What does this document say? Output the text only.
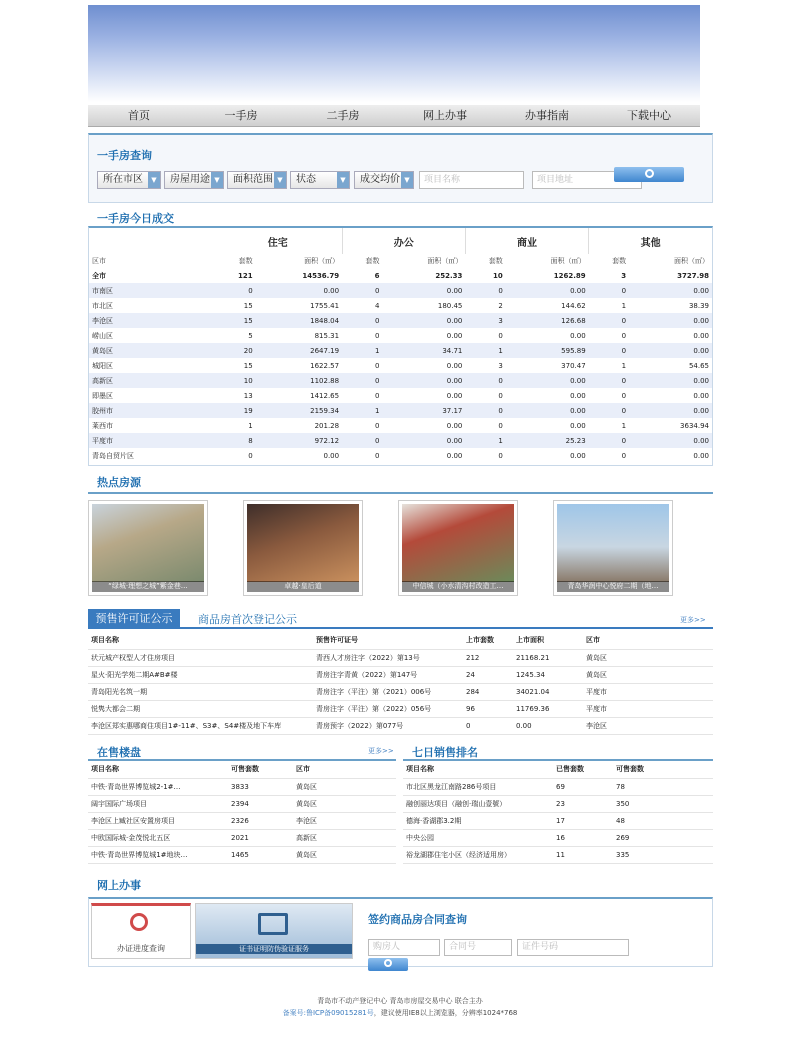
首页	一手房	二手房	网上办事	办事指南	下载中心
一手房查询
所在市区	▼	房屋用途 ▼	面积范围 ▼	状态	▼	成交均价 ▼	项目名称	项目地址
一手房今日成交
	住宅		办公		商业		其他	
区市	套数	面积（㎡）	套数	面积（㎡）	套数	面积（㎡）	套数	面积（㎡）
全市	121	14536.79	6	252.33	10	1262.89	3	3727.98
市南区	0	0.00	0	0.00	0	0.00	0	0.00
市北区	15	1755.41	4	180.45	2	144.62	1	38.39
李沧区	15	1848.04	0	0.00	3	126.68	0	0.00
崂山区	5	815.31	0	0.00	0	0.00	0	0.00
黄岛区	20	2647.19	1	34.71	1	595.89	0	0.00
城阳区	15	1622.57	0	0.00	3	370.47	1	54.65
高新区	10	1102.88	0	0.00	0	0.00	0	0.00
即墨区	13	1412.65	0	0.00	0	0.00	0	0.00
胶州市	19	2159.34	1	37.17	0	0.00	0	0.00
莱西市	1	201.28	0	0.00	0	0.00	1	3634.94
平度市	8	972.12	0	0.00	1	25.23	0	0.00
青岛自贸片区	0	0.00	0	0.00	0	0.00	0	0.00
热点房源
“绿城·理想之城”紫金巷…	卓越·皇后道	中信城（小水清沟村改造工…	青岛华润中心悦府二期（地…
预售许可证公示	商品房首次登记公示	更多>>
项目名称	预售许可证号	上市套数	上市面积	区市
状元城产权型人才住房项目	青西人才房注字（2022）第13号	212	21168.21	黄岛区
星火·阳光学苑二期A#B#楼	青房注字青黄（2022）第147号	24	1245.34	黄岛区
青岛阳光名筑一期	青房注字（平注）第（2021）006号	284	34021.04	平度市
悦隽大都会二期	青房注字（平注）第（2022）056号	96	11769.36	平度市
李沧区郑实惠哪商住项目1#-11#、S3#、S4#楼及地下车库	青房预字（2022）第077号	0	0.00	李沧区
在售楼盘	更多>>
项目名称	可售套数	区市
中铁·青岛世界博览城2-1#…	3833	黄岛区
阔宇国际广场项目	2394	黄岛区
李沧区上臧社区安置房项目	2326	李沧区
中欧国际城·金茂悦北五区	2021	高新区
中铁·青岛世界博览城1#地块…	1465	黄岛区
七日销售排名
项目名称	已售套数	可售套数
市北区黑龙江南路286号项目	69	78
融创丽达项目（融创·瑞山壹號）	23	350
德海·香湖郡3.2期	17	48
中央公园	16	269
裕龙湖郡住宅小区（经济适用房）	11	335
网上办事
办证进度查询	证书证明防伪验证服务
签约商品房合同查询
购房人	合同号	证件号码
青岛市不动产登记中心 青岛市房屋交易中心 联合主办
备案号:鲁ICP备09015281号，建议使用IE8以上浏览器，分辨率1024*768
